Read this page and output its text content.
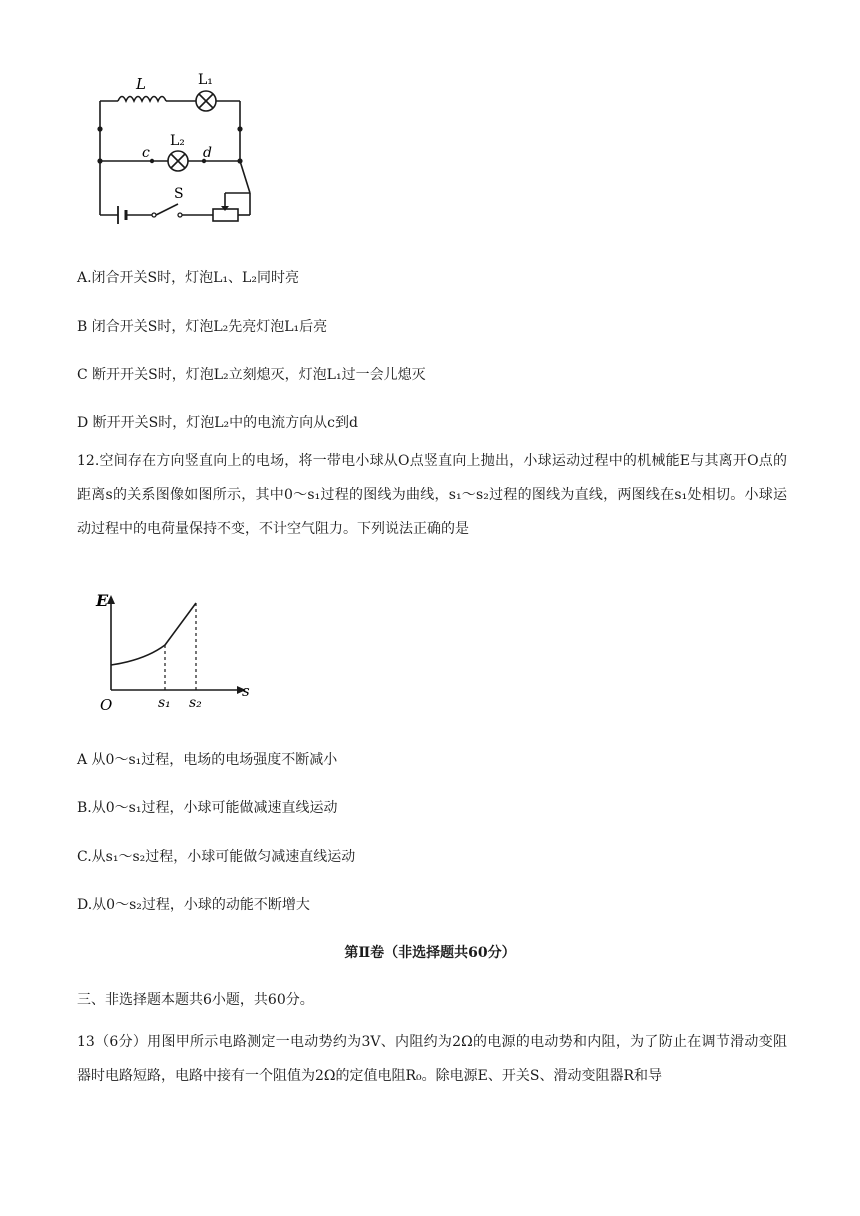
L	L₁
L₂
c	d
S
A.闭合开关S时，灯泡L₁、L₂同时亮
B 闭合开关S时，灯泡L₂先亮灯泡L₁后亮
C 断开开关S时，灯泡L₂立刻熄灭，灯泡L₁过一会儿熄灭
D 断开开关S时，灯泡L₂中的电流方向从c到d
12.空间存在方向竖直向上的电场，将一带电小球从O点竖直向上抛出，小球运动过程中的机械能E与其离开O点的距离s的关系图像如图所示，其中0～s₁过程的图线为曲线，s₁～s₂过程的图线为直线，两图线在s₁处相切。小球运动过程中的电荷量保持不变，不计空气阻力。下列说法正确的是
E
s
O	s₁ s₂
A 从0～s₁过程，电场的电场强度不断减小
B.从0～s₁过程，小球可能做减速直线运动
C.从s₁～s₂过程，小球可能做匀减速直线运动
D.从0～s₂过程，小球的动能不断增大
第Ⅱ卷（非选择题共60分）
三、非选择题本题共6小题，共60分。
13（6分）用图甲所示电路测定一电动势约为3V、内阻约为2Ω的电源的电动势和内阻，为了防止在调节滑动变阻器时电路短路，电路中接有一个阻值为2Ω的定值电阻R₀。除电源E、开关S、滑动变阻器R和导
